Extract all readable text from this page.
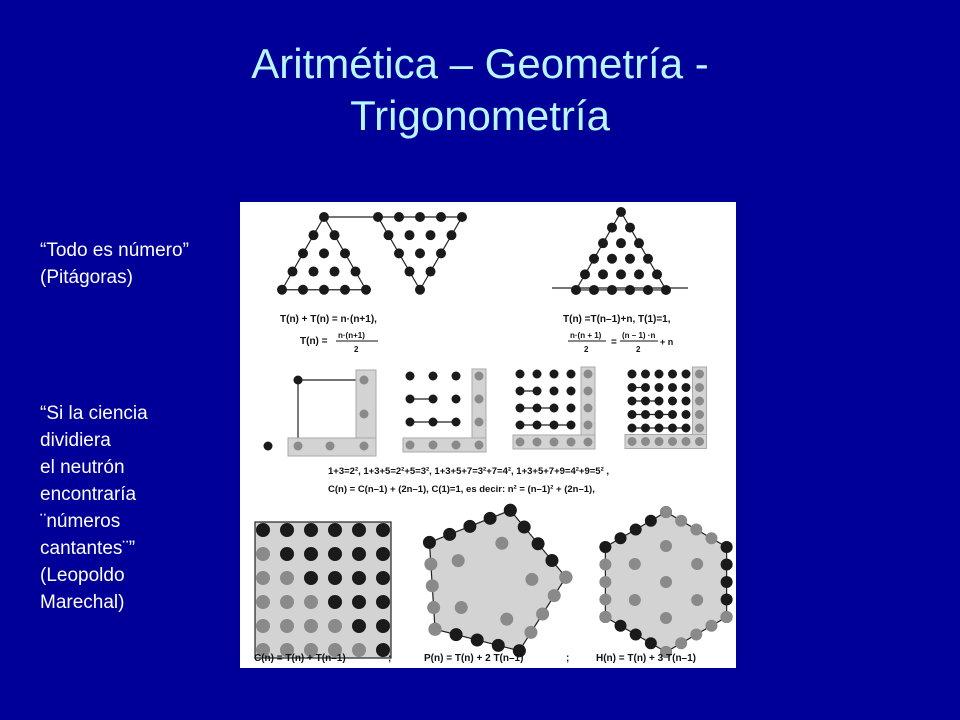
Aritmética – Geometría -
Trigonometría
“Todo es número”
(Pitágoras)
“Si la ciencia
dividiera
el neutrón
encontraría
¨números
cantantes¨”
(Leopoldo
Marechal)
T(n) + T(n) = n·(n+1),
T(n) =
n·(n+1)
2
T(n) =T(n–1)+n, T(1)=1,
n·(n + 1)
2
=
(n – 1) ·n
2
+ n
1+3=2², 1+3+5=2²+5=3², 1+3+5+7=3²+7=4², 1+3+5+7+9=4²+9=5² ,
C(n) = C(n–1) + (2n–1), C(1)=1, es decir: n² = (n–1)² + (2n–1),
C(n) = T(n) + T(n–1)	;	P(n) = T(n) + 2 T(n–1)	;	H(n) = T(n) + 3 T(n–1)
